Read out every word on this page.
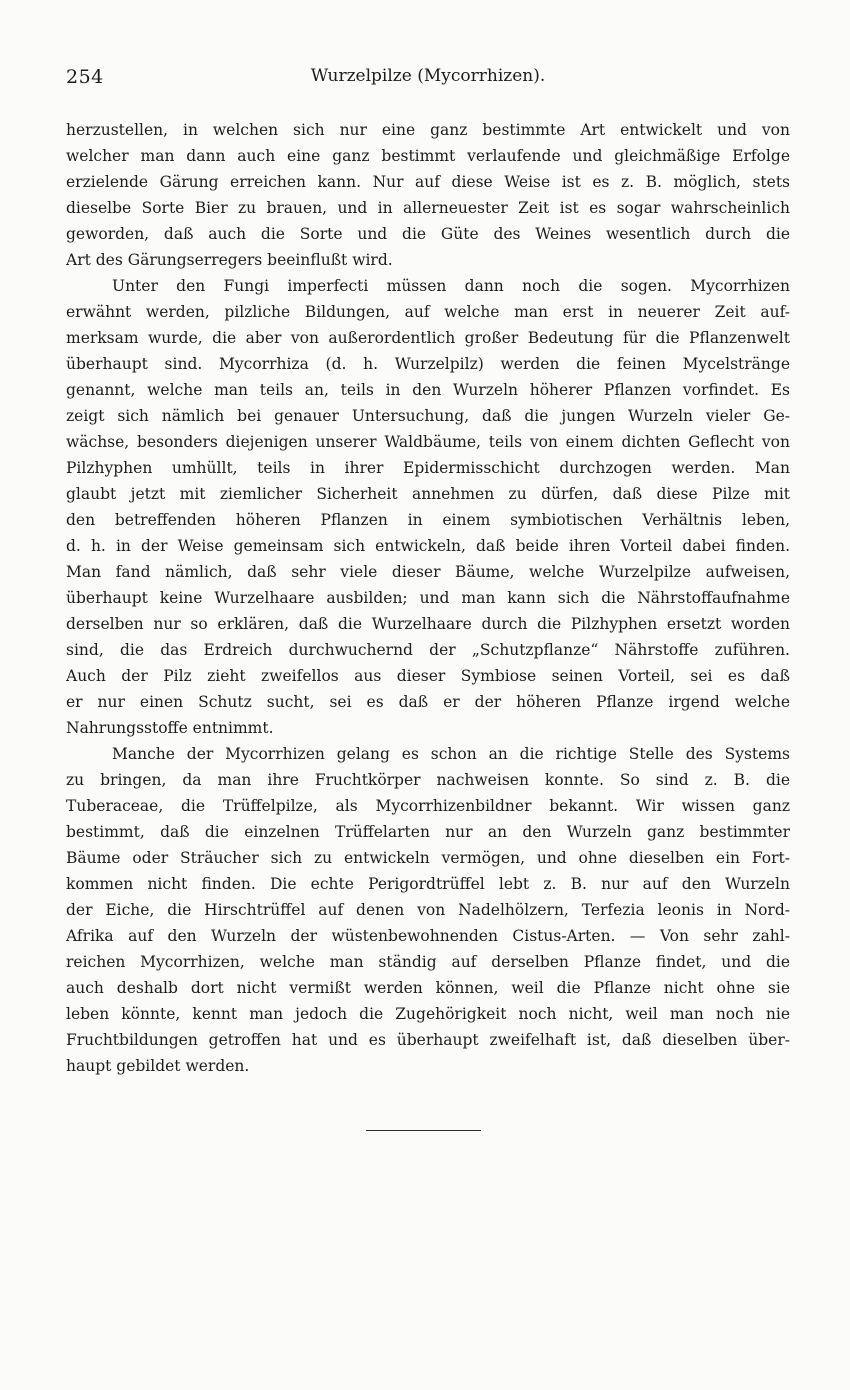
254	Wurzelpilze (Mycorrhizen).
herzustellen, in welchen sich nur eine ganz bestimmte Art entwickelt und von
welcher man dann auch eine ganz bestimmt verlaufende und gleichmäßige Erfolge
erzielende Gärung erreichen kann. Nur auf diese Weise ist es z. B. möglich, stets
dieselbe Sorte Bier zu brauen, und in allerneuester Zeit ist es sogar wahrscheinlich
geworden, daß auch die Sorte und die Güte des Weines wesentlich durch die
Art des Gärungserregers beeinflußt wird.
Unter den Fungi imperfecti müssen dann noch die sogen. Mycorrhizen
erwähnt werden, pilzliche Bildungen, auf welche man erst in neuerer Zeit auf-
merksam wurde, die aber von außerordentlich großer Bedeutung für die Pflanzenwelt
überhaupt sind. Mycorrhiza (d. h. Wurzelpilz) werden die feinen Mycelstränge
genannt, welche man teils an, teils in den Wurzeln höherer Pflanzen vorfindet. Es
zeigt sich nämlich bei genauer Untersuchung, daß die jungen Wurzeln vieler Ge-
wächse, besonders diejenigen unserer Waldbäume, teils von einem dichten Geflecht von
Pilzhyphen umhüllt, teils in ihrer Epidermisschicht durchzogen werden. Man
glaubt jetzt mit ziemlicher Sicherheit annehmen zu dürfen, daß diese Pilze mit
den betreffenden höheren Pflanzen in einem symbiotischen Verhältnis leben,
d. h. in der Weise gemeinsam sich entwickeln, daß beide ihren Vorteil dabei finden.
Man fand nämlich, daß sehr viele dieser Bäume, welche Wurzelpilze aufweisen,
überhaupt keine Wurzelhaare ausbilden; und man kann sich die Nährstoffaufnahme
derselben nur so erklären, daß die Wurzelhaare durch die Pilzhyphen ersetzt worden
sind, die das Erdreich durchwuchernd der „Schutzpflanze“ Nährstoffe zuführen.
Auch der Pilz zieht zweifellos aus dieser Symbiose seinen Vorteil, sei es daß
er nur einen Schutz sucht, sei es daß er der höheren Pflanze irgend welche
Nahrungsstoffe entnimmt.
Manche der Mycorrhizen gelang es schon an die richtige Stelle des Systems
zu bringen, da man ihre Fruchtkörper nachweisen konnte. So sind z. B. die
Tuberaceae, die Trüffelpilze, als Mycorrhizenbildner bekannt. Wir wissen ganz
bestimmt, daß die einzelnen Trüffelarten nur an den Wurzeln ganz bestimmter
Bäume oder Sträucher sich zu entwickeln vermögen, und ohne dieselben ein Fort-
kommen nicht finden. Die echte Perigordtrüffel lebt z. B. nur auf den Wurzeln
der Eiche, die Hirschtrüffel auf denen von Nadelhölzern, Terfezia leonis in Nord-
Afrika auf den Wurzeln der wüstenbewohnenden Cistus-Arten. — Von sehr zahl-
reichen Mycorrhizen, welche man ständig auf derselben Pflanze findet, und die
auch deshalb dort nicht vermißt werden können, weil die Pflanze nicht ohne sie
leben könnte, kennt man jedoch die Zugehörigkeit noch nicht, weil man noch nie
Fruchtbildungen getroffen hat und es überhaupt zweifelhaft ist, daß dieselben über-
haupt gebildet werden.
